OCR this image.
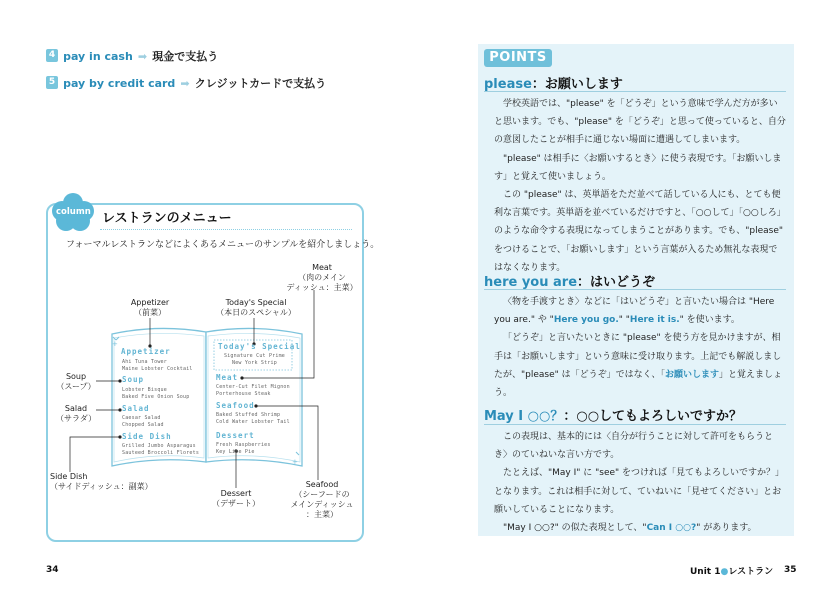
4 pay in cash ➡ 現金で支払う
5 pay by credit card ➡ クレジットカードで支払う
column レストランのメニュー
フォーマルレストランなどによくあるメニューのサンプルを紹介しましょう。
Meat
（肉のメイン
ディッシュ：主菜）
Appetizer
（前菜）
Today's Special
（本日のスペシャル）
Soup
（スープ）
Salad
（サラダ）
Side Dish
（サイドディッシュ：副菜）
Dessert
（デザート）
Seafood
（シーフードの
メインディッシュ
：主菜）
+
+
Appetizer
Ahi Tuna Tower
Maine Lobster Cocktail
Soup
Lobster Bisque
Baked Five Onion Soup
Salad
Caesar Salad
Chopped Salad
Side Dish
Grilled Jumbo Asparagus
Sauteed Broccoli Florets
Today's Special
Signature Cut Prime
New York Strip
Meat
Center-Cut Filet Mignon
Porterhouse Steak
Seafood
Baked Stuffed Shrimp
Cold Water Lobster Tail
Dessert
Fresh Raspberries
Key Lime Pie
34
POINTS
please：お願いします

学校英語では、"please" を「どうぞ」という意味で学んだ方が多いと思います。でも、"please" を「どうぞ」と思って使っていると、自分の意図したことが相手に通じない場面に遭遇してしまいます。

"please" は相手に〈お願いするとき〉に使う表現です。「お願いします」と覚えて使いましょう。

この "please" は、英単語をただ並べて話している人にも、とても便利な言葉です。英単語を並べているだけですと、「○○して」「○○しろ」のような命令する表現になってしまうことがあります。でも、"please" をつけることで、「お願いします」という言葉が入るため無礼な表現ではなくなります。

here you are：はいどうぞ

〈物を手渡すとき〉などに「はいどうぞ」と言いたい場合は "Here you are." や "Here you go." "Here it is." を使います。

「どうぞ」と言いたいときに "please" を使う方を見かけますが、相手は「お願いします」という意味に受け取ります。上記でも解説しましたが、"please" は「どうぞ」ではなく、「お願いします」と覚えましょう。

May I ○○？：○○してもよろしいですか？

この表現は、基本的には〈自分が行うことに対して許可をもらうとき〉のていねいな言い方です。

たとえば、"May I" に "see" をつければ「見てもよろしいですか？」となります。これは相手に対して、ていねいに「見せてください」とお願いしていることになります。

"May I ○○?" の似た表現として、"Can I ○○?" があります。

Unit 1●レストラン 35
